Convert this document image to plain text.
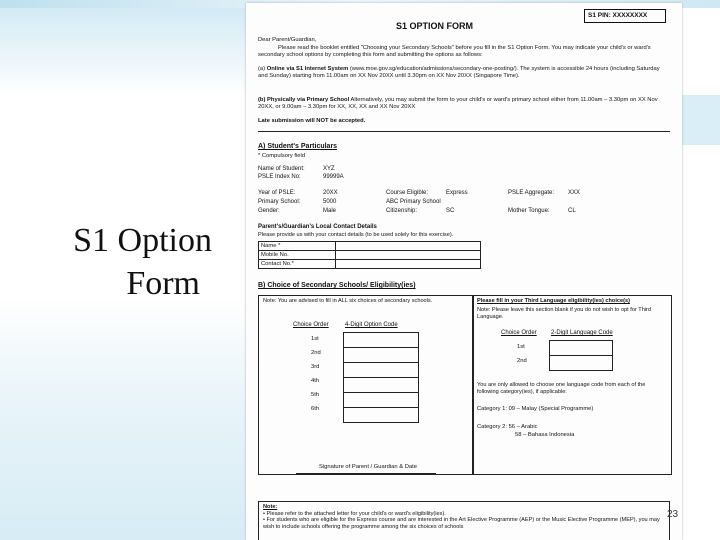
S1 Option
Form
S1 PIN: XXXXXXXX
S1 OPTION FORM
Dear Parent/Guardian,
Please read the booklet entitled "Choosing your Secondary Schools" before you fill in the S1 Option Form. You may indicate your child's or ward's secondary school options by completing this form and submitting the options as follows:
(a) Online via S1 Internet System (www.moe.gov.sg/education/admissions/secondary-one-posting/). The system is accessible 24 hours (including Saturday and Sunday) starting from 11.00am on XX Nov 20XX until 3.30pm on XX Nov 20XX (Singapore Time).
(b) Physically via Primary School Alternatively, you may submit the form to your child's or ward's primary school either from 11.00am – 3.30pm on XX Nov 20XX, or 9.00am – 3.30pm for XX, XX, XX and XX Nov 20XX
Late submission will NOT be accepted.
A) Student's Particulars
* Compulsory field
Name of Student:	XYZ
PSLE Index No:	99999A
Year of PSLE:	20XX	Course Eligible:	Express	PSLE Aggregate: XXX
Primary School:	5000	ABC Primary School
Gender:	Male	Citizenship:	SC	Mother Tongue:	CL
Parent's/Guardian's Local Contact Details
Please provide us with your contact details (to be used solely for this exercise).
Name *	
Mobile No.	
Contact No.*	
B) Choice of Secondary Schools/ Eligibility(ies)
Note: You are advised to fill in ALL six choices of secondary schools.
Choice Order	4-Digit Option Code
1st
2nd
3rd
4th
5th
6th

Signature of Parent / Guardian & Date
Please fill in your Third Language eligibility(ies) choice(s)
Note: Please leave this section blank if you do not wish to opt for Third Language.
Choice Order 2-Digit Language Code
1st
2nd

You are only allowed to choose one language code from each of the following category(ies), if applicable:
Category 1: 09 – Malay (Special Programme)
Category 2: 56 – Arabic
58 – Bahasa Indonesia
Note:
• Please refer to the attached letter for your child's or ward's eligibility(ies).
• For students who are eligible for the Express course and are interested in the Art Elective Programme (AEP) or the Music Elective Programme (MEP), you may wish to include schools offering the programme among the six choices of schools
23
